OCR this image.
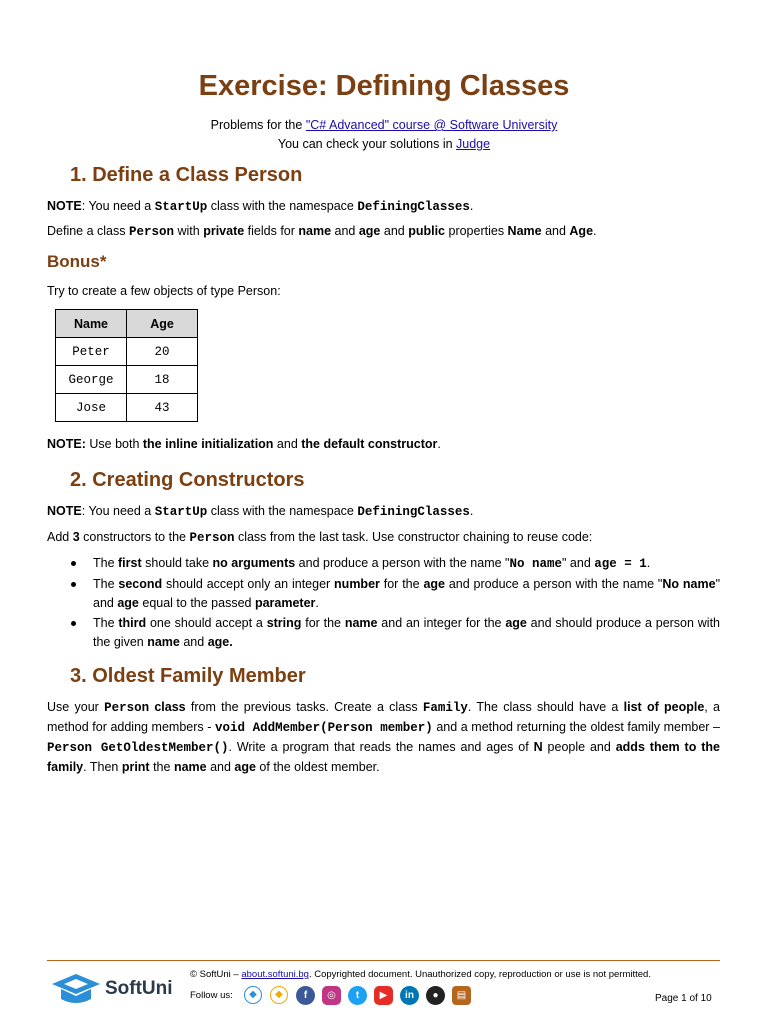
Exercise: Defining Classes
Problems for the "C# Advanced" course @ Software University
You can check your solutions in Judge
1. Define a Class Person
NOTE: You need a StartUp class with the namespace DefiningClasses.
Define a class Person with private fields for name and age and public properties Name and Age.
Bonus*
Try to create a few objects of type Person:
Name	Age
Peter	20
George	18
Jose	43
NOTE: Use both the inline initialization and the default constructor.
2. Creating Constructors
NOTE: You need a StartUp class with the namespace DefiningClasses.
Add 3 constructors to the Person class from the last task. Use constructor chaining to reuse code:
The first should take no arguments and produce a person with the name "No name" and age = 1.
The second should accept only an integer number for the age and produce a person with the name "No name" and age equal to the passed parameter.
The third one should accept a string for the name and an integer for the age and should produce a person with the given name and age.
3. Oldest Family Member
Use your Person class from the previous tasks. Create a class Family. The class should have a list of people, a method for adding members - void AddMember(Person member) and a method returning the oldest family member – Person GetOldestMember(). Write a program that reads the names and ages of N people and adds them to the family. Then print the name and age of the oldest member.
SoftUni
© SoftUni – about.softuni.bg. Copyrighted document. Unauthorized copy, reproduction or use is not permitted.
Follow us:	◆	◆	f	◎	t	▶	in	●	▤	Page 1 of 10
